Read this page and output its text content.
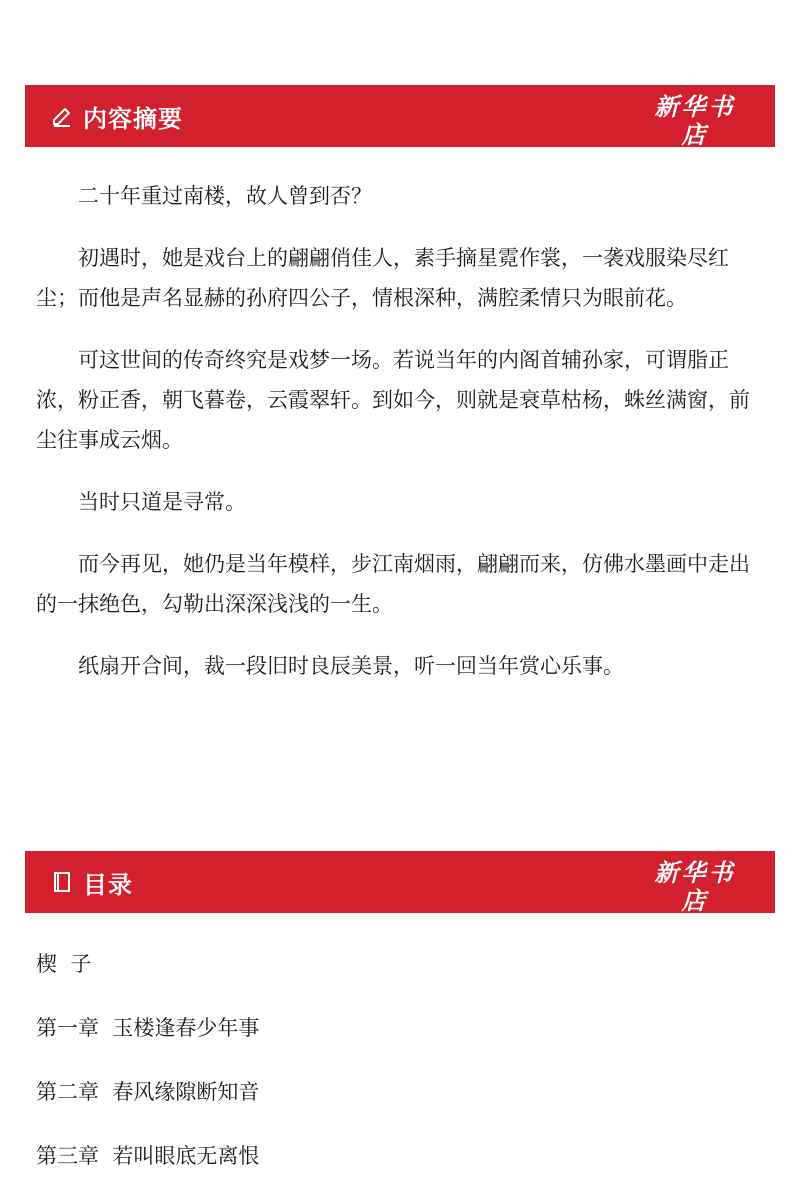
内容摘要	新华书店
XINHUA BOOKSTORE

二十年重过南楼，故人曾到否？

初遇时，她是戏台上的翩翩俏佳人，素手摘星霓作裳，一袭戏服染尽红尘；而他是声名显赫的孙府四公子，情根深种，满腔柔情只为眼前花。

可这世间的传奇终究是戏梦一场。若说当年的内阁首辅孙家，可谓脂正浓，粉正香，朝飞暮卷，云霞翠轩。到如今，则就是衰草枯杨，蛛丝满窗，前尘往事成云烟。

当时只道是寻常。

而今再见，她仍是当年模样，步江南烟雨，翩翩而来，仿佛水墨画中走出的一抹绝色，勾勒出深深浅浅的一生。

纸扇开合间，裁一段旧时良辰美景，听一回当年赏心乐事。

目录	新华书店
XINHUA BOOKSTORE
楔  子
第一章  玉楼逢春少年事
第二章  春风缘隙断知音
第三章  若叫眼底无离恨
